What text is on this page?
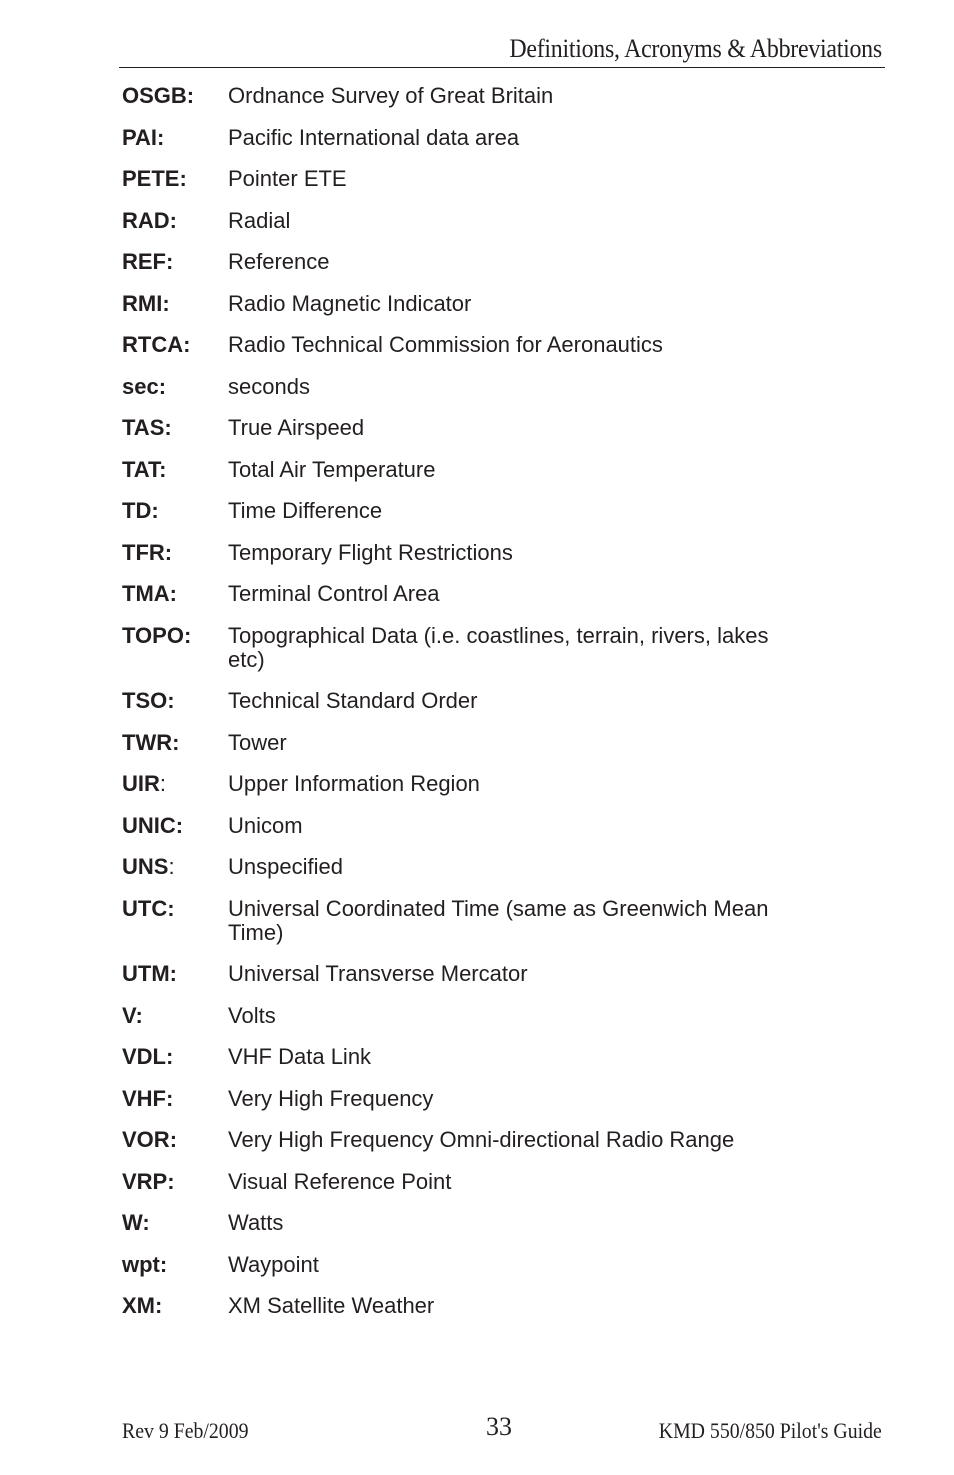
Definitions, Acronyms & Abbreviations
OSGB:	Ordnance Survey of Great Britain
PAI:	Pacific International data area
PETE:	Pointer ETE
RAD:	Radial
REF:	Reference
RMI:	Radio Magnetic Indicator
RTCA:	Radio Technical Commission for Aeronautics
sec:	seconds
TAS:	True Airspeed
TAT:	Total Air Temperature
TD:	Time Difference
TFR:	Temporary Flight Restrictions
TMA:	Terminal Control Area
TOPO:	Topographical Data (i.e. coastlines, terrain, rivers, lakes etc)
TSO:	Technical Standard Order
TWR:	Tower
UIR:	Upper Information Region
UNIC:	Unicom
UNS:	Unspecified
UTC:	Universal Coordinated Time (same as Greenwich Mean Time)
UTM:	Universal Transverse Mercator
V:	Volts
VDL:	VHF Data Link
VHF:	Very High Frequency
VOR:	Very High Frequency Omni-directional Radio Range
VRP:	Visual Reference Point
W:	Watts
wpt:	Waypoint
XM:	XM Satellite Weather
Rev 9 Feb/2009	33	KMD 550/850 Pilot's Guide
